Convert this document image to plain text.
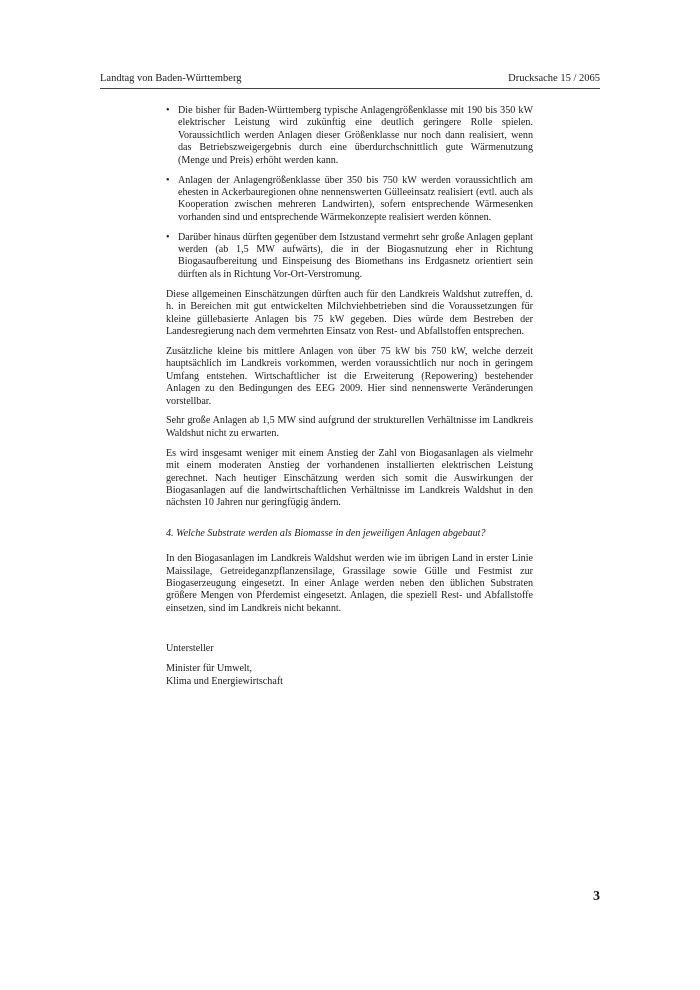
Landtag von Baden-Württemberg	Drucksache 15 / 2065
• Die bisher für Baden-Württemberg typische Anlagengrößenklasse mit 190 bis 350 kW elektrischer Leistung wird zukünftig eine deutlich geringere Rolle spielen. Voraussichtlich werden Anlagen dieser Größenklasse nur noch dann realisiert, wenn das Betriebszweigergebnis durch eine überdurchschnittlich gute Wärmenutzung (Menge und Preis) erhöht werden kann.
• Anlagen der Anlagengrößenklasse über 350 bis 750 kW werden voraussichtlich am ehesten in Ackerbauregionen ohne nennenswerten Gülleeinsatz realisiert (evtl. auch als Kooperation zwischen mehreren Landwirten), sofern entsprechende Wärmesenken vorhanden sind und entsprechende Wärmekonzepte realisiert werden können.
• Darüber hinaus dürften gegenüber dem Istzustand vermehrt sehr große Anlagen geplant werden (ab 1,5 MW aufwärts), die in der Biogasnutzung eher in Richtung Biogasaufbereitung und Einspeisung des Biomethans ins Erdgasnetz orientiert sein dürften als in Richtung Vor-Ort-Verstromung.

Diese allgemeinen Einschätzungen dürften auch für den Landkreis Waldshut zutreffen, d. h. in Bereichen mit gut entwickelten Milchviehbetrieben sind die Voraussetzungen für kleine güllebasierte Anlagen bis 75 kW gegeben. Dies würde dem Bestreben der Landesregierung nach dem vermehrten Einsatz von Rest- und Abfallstoffen entsprechen.

Zusätzliche kleine bis mittlere Anlagen von über 75 kW bis 750 kW, welche derzeit hauptsächlich im Landkreis vorkommen, werden voraussichtlich nur noch in geringem Umfang entstehen. Wirtschaftlicher ist die Erweiterung (Repowering) bestehender Anlagen zu den Bedingungen des EEG 2009. Hier sind nennenswerte Veränderungen vorstellbar.

Sehr große Anlagen ab 1,5 MW sind aufgrund der strukturellen Verhältnisse im Landkreis Waldshut nicht zu erwarten.

Es wird insgesamt weniger mit einem Anstieg der Zahl von Biogasanlagen als vielmehr mit einem moderaten Anstieg der vorhandenen installierten elektrischen Leistung gerechnet. Nach heutiger Einschätzung werden sich somit die Auswirkungen der Biogasanlagen auf die landwirtschaftlichen Verhältnisse im Landkreis Waldshut in den nächsten 10 Jahren nur geringfügig ändern.

4. Welche Substrate werden als Biomasse in den jeweiligen Anlagen abgebaut?

In den Biogasanlagen im Landkreis Waldshut werden wie im übrigen Land in erster Linie Maissilage, Getreideganzpflanzensilage, Grassilage sowie Gülle und Festmist zur Biogaserzeugung eingesetzt. In einer Anlage werden neben den üblichen Substraten größere Mengen von Pferdemist eingesetzt. Anlagen, die speziell Rest- und Abfallstoffe einsetzen, sind im Landkreis nicht bekannt.

Untersteller

Minister für Umwelt,
Klima und Energiewirtschaft
3
